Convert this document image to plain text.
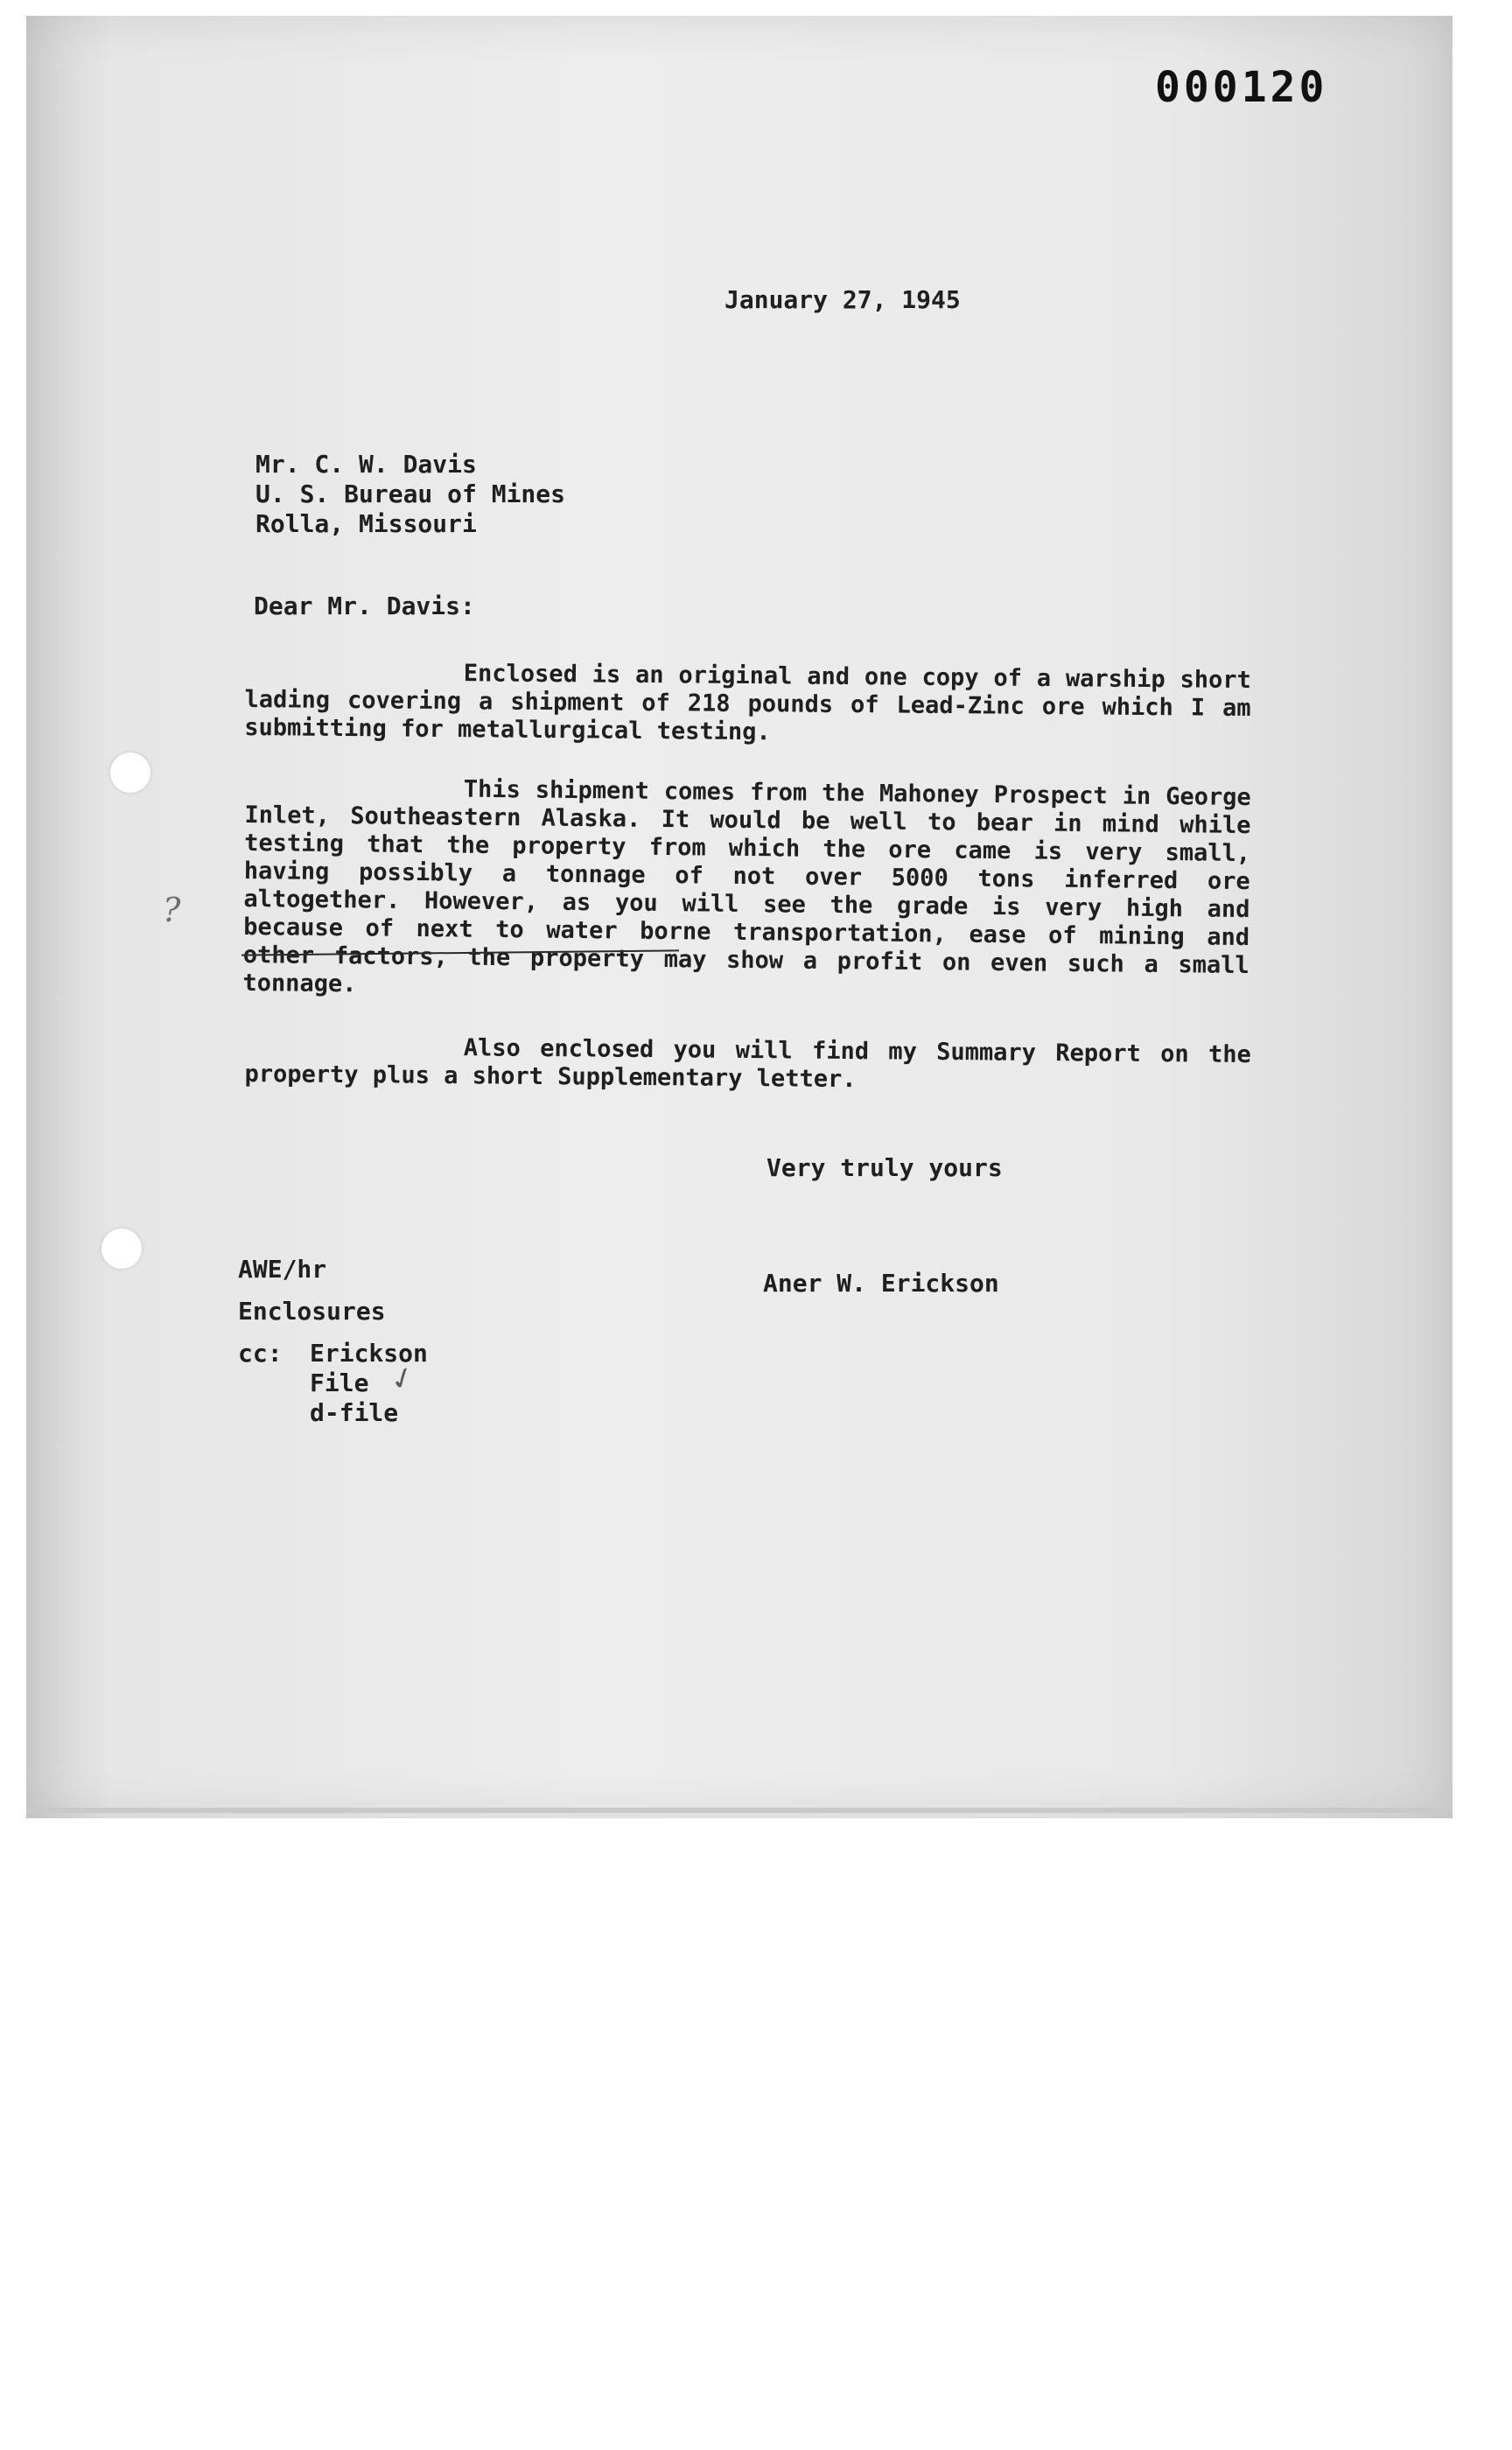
000120
January 27, 1945
Mr. C. W. Davis
U. S. Bureau of Mines
Rolla, Missouri
Dear Mr. Davis:
Enclosed is an original and one copy of a warship short lading covering a shipment of 218 pounds of Lead-Zinc ore which I am submitting for metallurgical testing.
This shipment comes from the Mahoney Prospect in George Inlet, Southeastern Alaska. It would be well to bear in mind while testing that the property from which the ore came is very small, having possibly a tonnage of not over 5000 tons inferred ore altogether. However, as you will see the grade is very high and because of next to water borne transportation, ease of mining and other factors, the property may show a profit on even such a small tonnage.
Also enclosed you will find my Summary Report on the property plus a short Supplementary letter.
?
Very truly yours
Aner W. Erickson
AWE/hr
Enclosures
cc: Erickson
File
d-file
✓
